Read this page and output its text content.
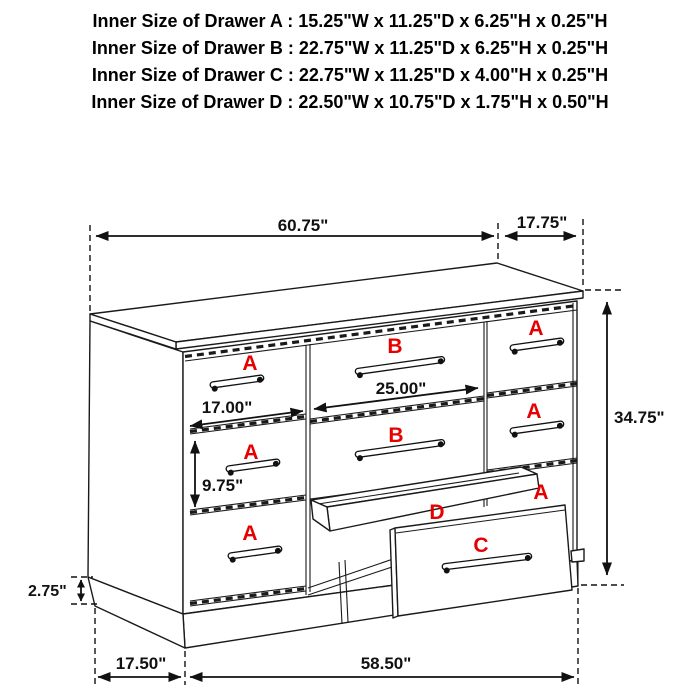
Inner Size of Drawer A : 15.25"W x 11.25"D x 6.25"H x 0.25"H
Inner Size of Drawer B : 22.75"W x 11.25"D x 6.25"H x 0.25"H
Inner Size of Drawer C : 22.75"W x 11.25"D x 4.00"H x 0.25"H
Inner Size of Drawer D : 22.50"W x 10.75"D x 1.75"H x 0.50"H
A
A
A
B
B
A
A
A
D
C
60.75"	17.75"
34.75"
25.00"
17.00"
9.75"
2.75"
17.50"	58.50"
